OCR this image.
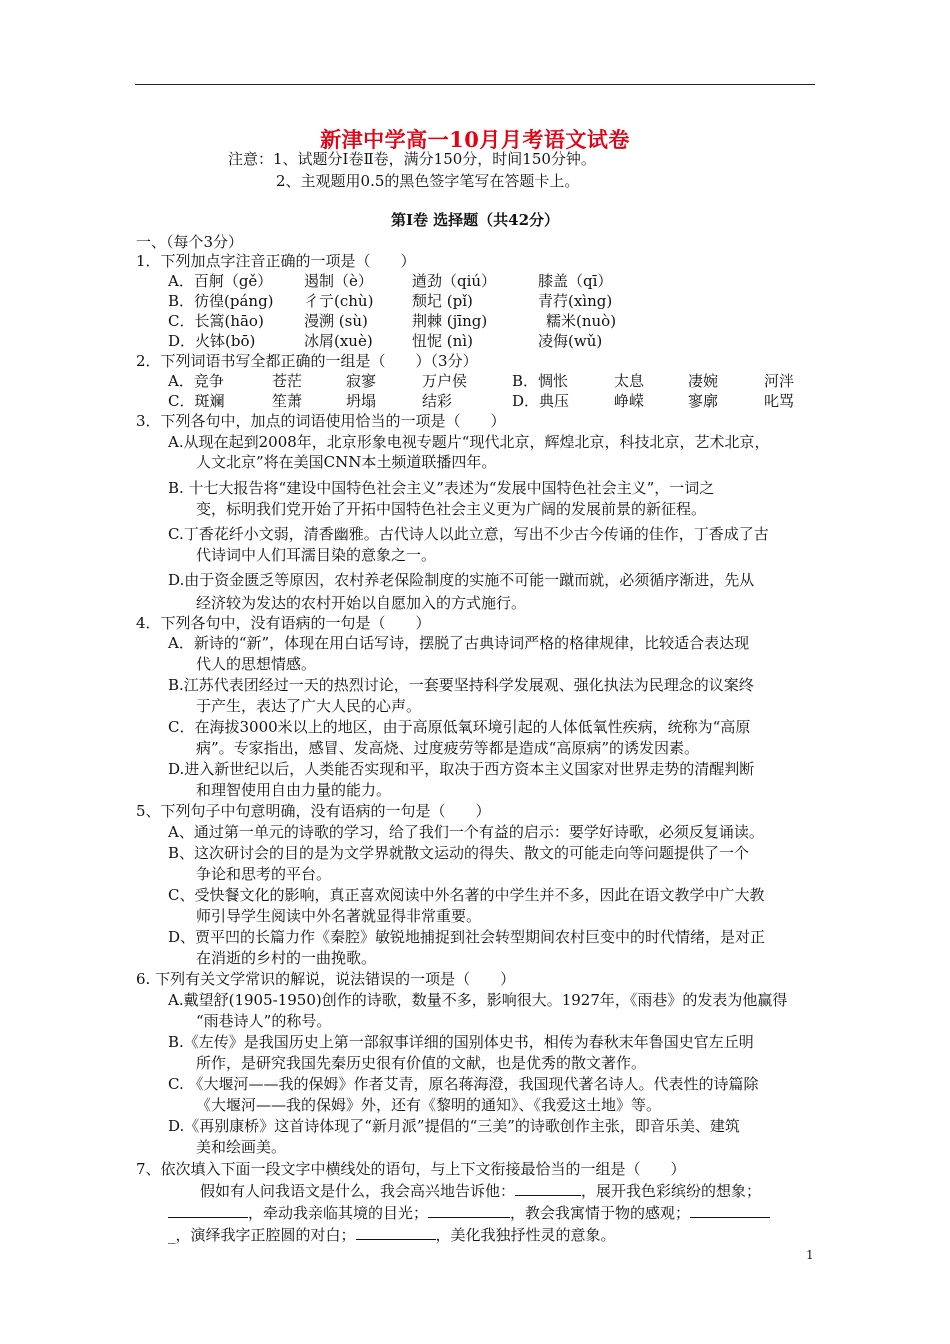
新津中学高一10月月考语文试卷
注意：1、试题分Ⅰ卷Ⅱ卷，满分150分，时间150分钟。
2、主观题用0.5的黑色签字笔写在答题卡上。
第Ⅰ卷 选择题（共42分）
一、（每个3分）
1．下列加点字注音正确的一项是（　　）
A．百舸（gě） 遏制（è）	遒劲（qiú）	膝盖（qī）
B．彷徨(páng) 彳亍(chù)	颓圮 (pǐ)	青荇(xìng)
C．长篙(hāo)	漫溯 (sù)	荆棘 (jīng)	糯米(nuò)
D．火钵(bō)	冰屑(xuè)	忸怩 (nì)	凌侮(wǔ)
2．下列词语书写全都正确的一组是（　　）（3分）
A．竞争	苍茫	寂寥	万户侯	B．惆怅	太息	凄婉	河泮
C．斑斓	笙萧	坍塌	结彩	D．典压	峥嵘	寥廓	叱骂
3．下列各句中，加点的词语使用恰当的一项是（　　）
A.从现在起到2008年，北京形象电视专题片“现代北京，辉煌北京，科技北京，艺术北京，
人文北京”将在美国CNN本土频道联播四年。
B. 十七大报告将“建设中国特色社会主义”表述为“发展中国特色社会主义”，一词之
变，标明我们党开始了开拓中国特色社会主义更为广阔的发展前景的新征程。
C.丁香花纤小文弱，清香幽雅。古代诗人以此立意，写出不少古今传诵的佳作，丁香成了古
代诗词中人们耳濡目染的意象之一。
D.由于资金匮乏等原因，农村养老保险制度的实施不可能一蹴而就，必须循序渐进，先从
经济较为发达的农村开始以自愿加入的方式施行。
4．下列各句中，没有语病的一句是（　　）
A．新诗的“新”，体现在用白话写诗，摆脱了古典诗词严格的格律规律，比较适合表达现
代人的思想情感。
B.江苏代表团经过一天的热烈讨论，一套要坚持科学发展观、强化执法为民理念的议案终
于产生，表达了广大人民的心声。
C．在海拔3000米以上的地区，由于高原低氧环境引起的人体低氧性疾病，统称为“高原
病”。专家指出，感冒、发高烧、过度疲劳等都是造成“高原病”的诱发因素。
D.进入新世纪以后，人类能否实现和平，取决于西方资本主义国家对世界走势的清醒判断
和理智使用自由力量的能力。
5、下列句子中句意明确，没有语病的一句是（　　）
A、通过第一单元的诗歌的学习，给了我们一个有益的启示：要学好诗歌，必须反复诵读。
B、这次研讨会的目的是为文学界就散文运动的得失、散文的可能走向等问题提供了一个
争论和思考的平台。
C、受快餐文化的影响，真正喜欢阅读中外名著的中学生并不多，因此在语文教学中广大教
师引导学生阅读中外名著就显得非常重要。
D、贾平凹的长篇力作《秦腔》敏锐地捕捉到社会转型期间农村巨变中的时代情绪，是对正
在消逝的乡村的一曲挽歌。
6. 下列有关文学常识的解说，说法错误的一项是（　　）
A.戴望舒(1905-1950)创作的诗歌，数量不多，影响很大。1927年，《雨巷》的发表为他赢得
“雨巷诗人”的称号。
B.《左传》是我国历史上第一部叙事详细的国别体史书，相传为春秋末年鲁国史官左丘明
所作，是研究我国先秦历史很有价值的文献，也是优秀的散文著作。
C. 《大堰河——我的保姆》作者艾青，原名蒋海澄，我国现代著名诗人。代表性的诗篇除
《大堰河——我的保姆》外，还有《黎明的通知》、《我爱这土地》等。
D.《再别康桥》这首诗体现了“新月派”提倡的“三美”的诗歌创作主张，即音乐美、建筑
美和绘画美。
7、依次填入下面一段文字中横线处的语句，与上下文衔接最恰当的一组是（　　）
假如有人问我语文是什么，我会高兴地告诉他：	，展开我色彩缤纷的想象；
，牵动我亲临其境的目光；	，教会我寓情于物的感观；
_，演绎我字正腔圆的对白；	，美化我独抒性灵的意象。
1
